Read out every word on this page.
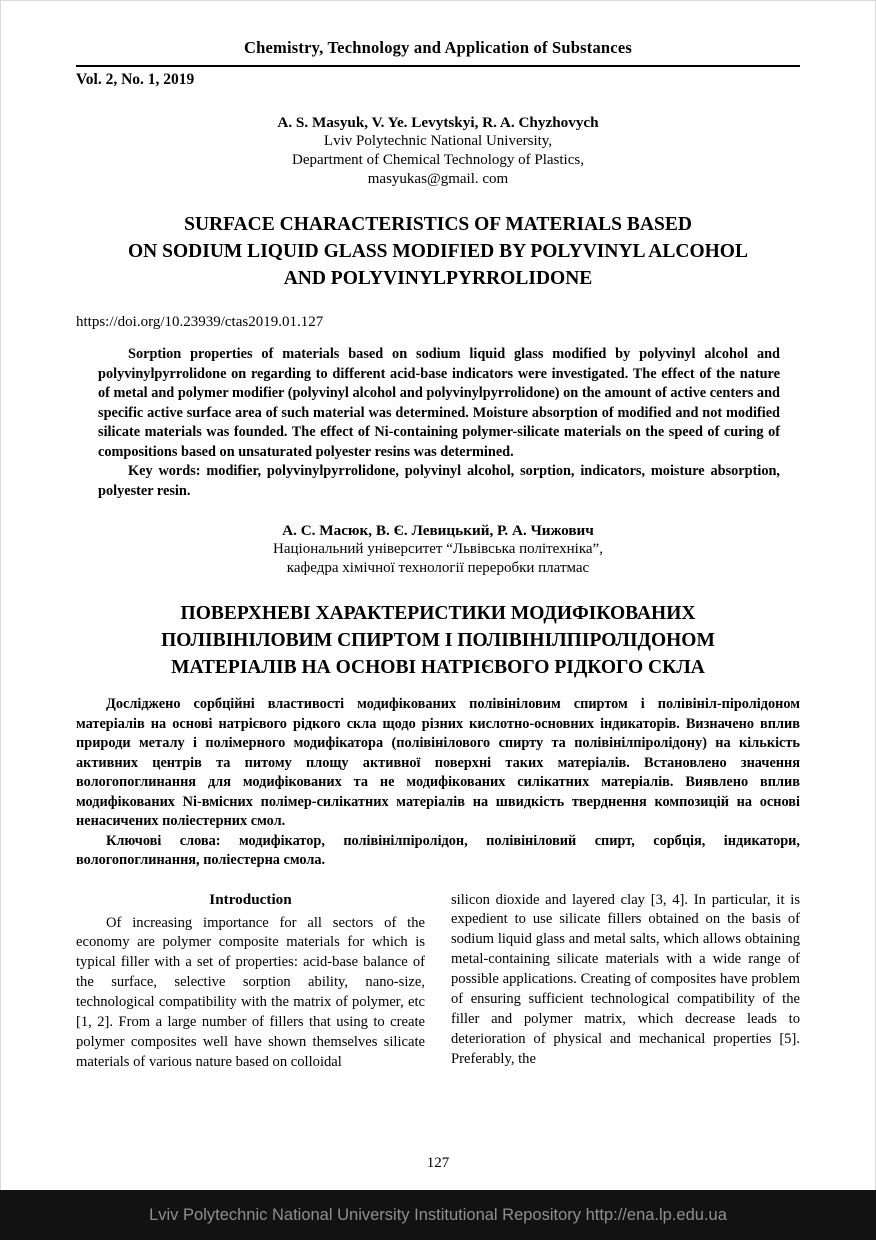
Chemistry, Technology and Application of Substances
Vol. 2, No. 1, 2019
A. S. Masyuk, V. Ye. Levytskyi, R. A. Chyzhovych
Lviv Polytechnic National University,
Department of Chemical Technology of Plastics,
masyukas@gmail. com
SURFACE CHARACTERISTICS OF MATERIALS BASED
ON SODIUM LIQUID GLASS MODIFIED BY POLYVINYL ALCOHOL
AND POLYVINYLPYRROLIDONE
https://doi.org/10.23939/ctas2019.01.127

Sorption properties of materials based on sodium liquid glass modified by polyvinyl alcohol and polyvinylpyrrolidone on regarding to different acid-base indicators were investigated. The effect of the nature of metal and polymer modifier (polyvinyl alcohol and polyvinylpyrrolidone) on the amount of active centers and specific active surface area of such material was determined. Moisture absorption of modified and not modified silicate materials was founded. The effect of Ni-containing polymer-silicate materials on the speed of curing of compositions based on unsaturated polyester resins was determined.

Key words: modifier, polyvinylpyrrolidone, polyvinyl alcohol, sorption, indicators, moisture absorption, polyester resin.

А. С. Масюк, В. Є. Левицький, Р. А. Чижович
Національний університет “Львівська політехніка”,
кафедра хімічної технології переробки платмас
ПОВЕРХНЕВІ ХАРАКТЕРИСТИКИ МОДИФІКОВАНИХ
ПОЛІВІНІЛОВИМ СПИРТОМ І ПОЛІВІНІЛПІРОЛІДОНОМ
МАТЕРІАЛІВ НА ОСНОВІ НАТРІЄВОГО РІДКОГО СКЛА

Досліджено сорбційні властивості модифікованих полівініловим спиртом і полівініл-піролідоном матеріалів на основі натрієвого рідкого скла щодо різних кислотно-основних індикаторів. Визначено вплив природи металу і полімерного модифікатора (полівінілового спирту та полівінілпіролідону) на кількість активних центрів та питому площу активної поверхні таких матеріалів. Встановлено значення вологопоглинання для модифікованих та не модифікованих силікатних матеріалів. Виявлено вплив модифікованих Ni-вмісних полімер-силікатних матеріалів на швидкість тверднення композицій на основі ненасичених поліестерних смол.

Ключові слова: модифікатор, полівінілпіролідон, полівініловий спирт, сорбція, індикатори, вологопоглинання, поліестерна смола.

Introduction

Of increasing importance for all sectors of the economy are polymer composite materials for which is typical filler with a set of properties: acid-base balance of the surface, selective sorption ability, nano-size, technological compatibility with the matrix of polymer, etc [1, 2]. From a large number of fillers that using to create polymer composites well have shown themselves silicate materials of various nature based on colloidal

silicon dioxide and layered clay [3, 4]. In particular, it is expedient to use silicate fillers obtained on the basis of sodium liquid glass and metal salts, which allows obtaining metal-containing silicate materials with a wide range of possible applications. Creating of composites have problem of ensuring sufficient technological compatibility of the filler and polymer matrix, which decrease leads to deterioration of physical and mechanical properties [5]. Preferably, the

127
Lviv Polytechnic National University Institutional Repository http://ena.lp.edu.ua
